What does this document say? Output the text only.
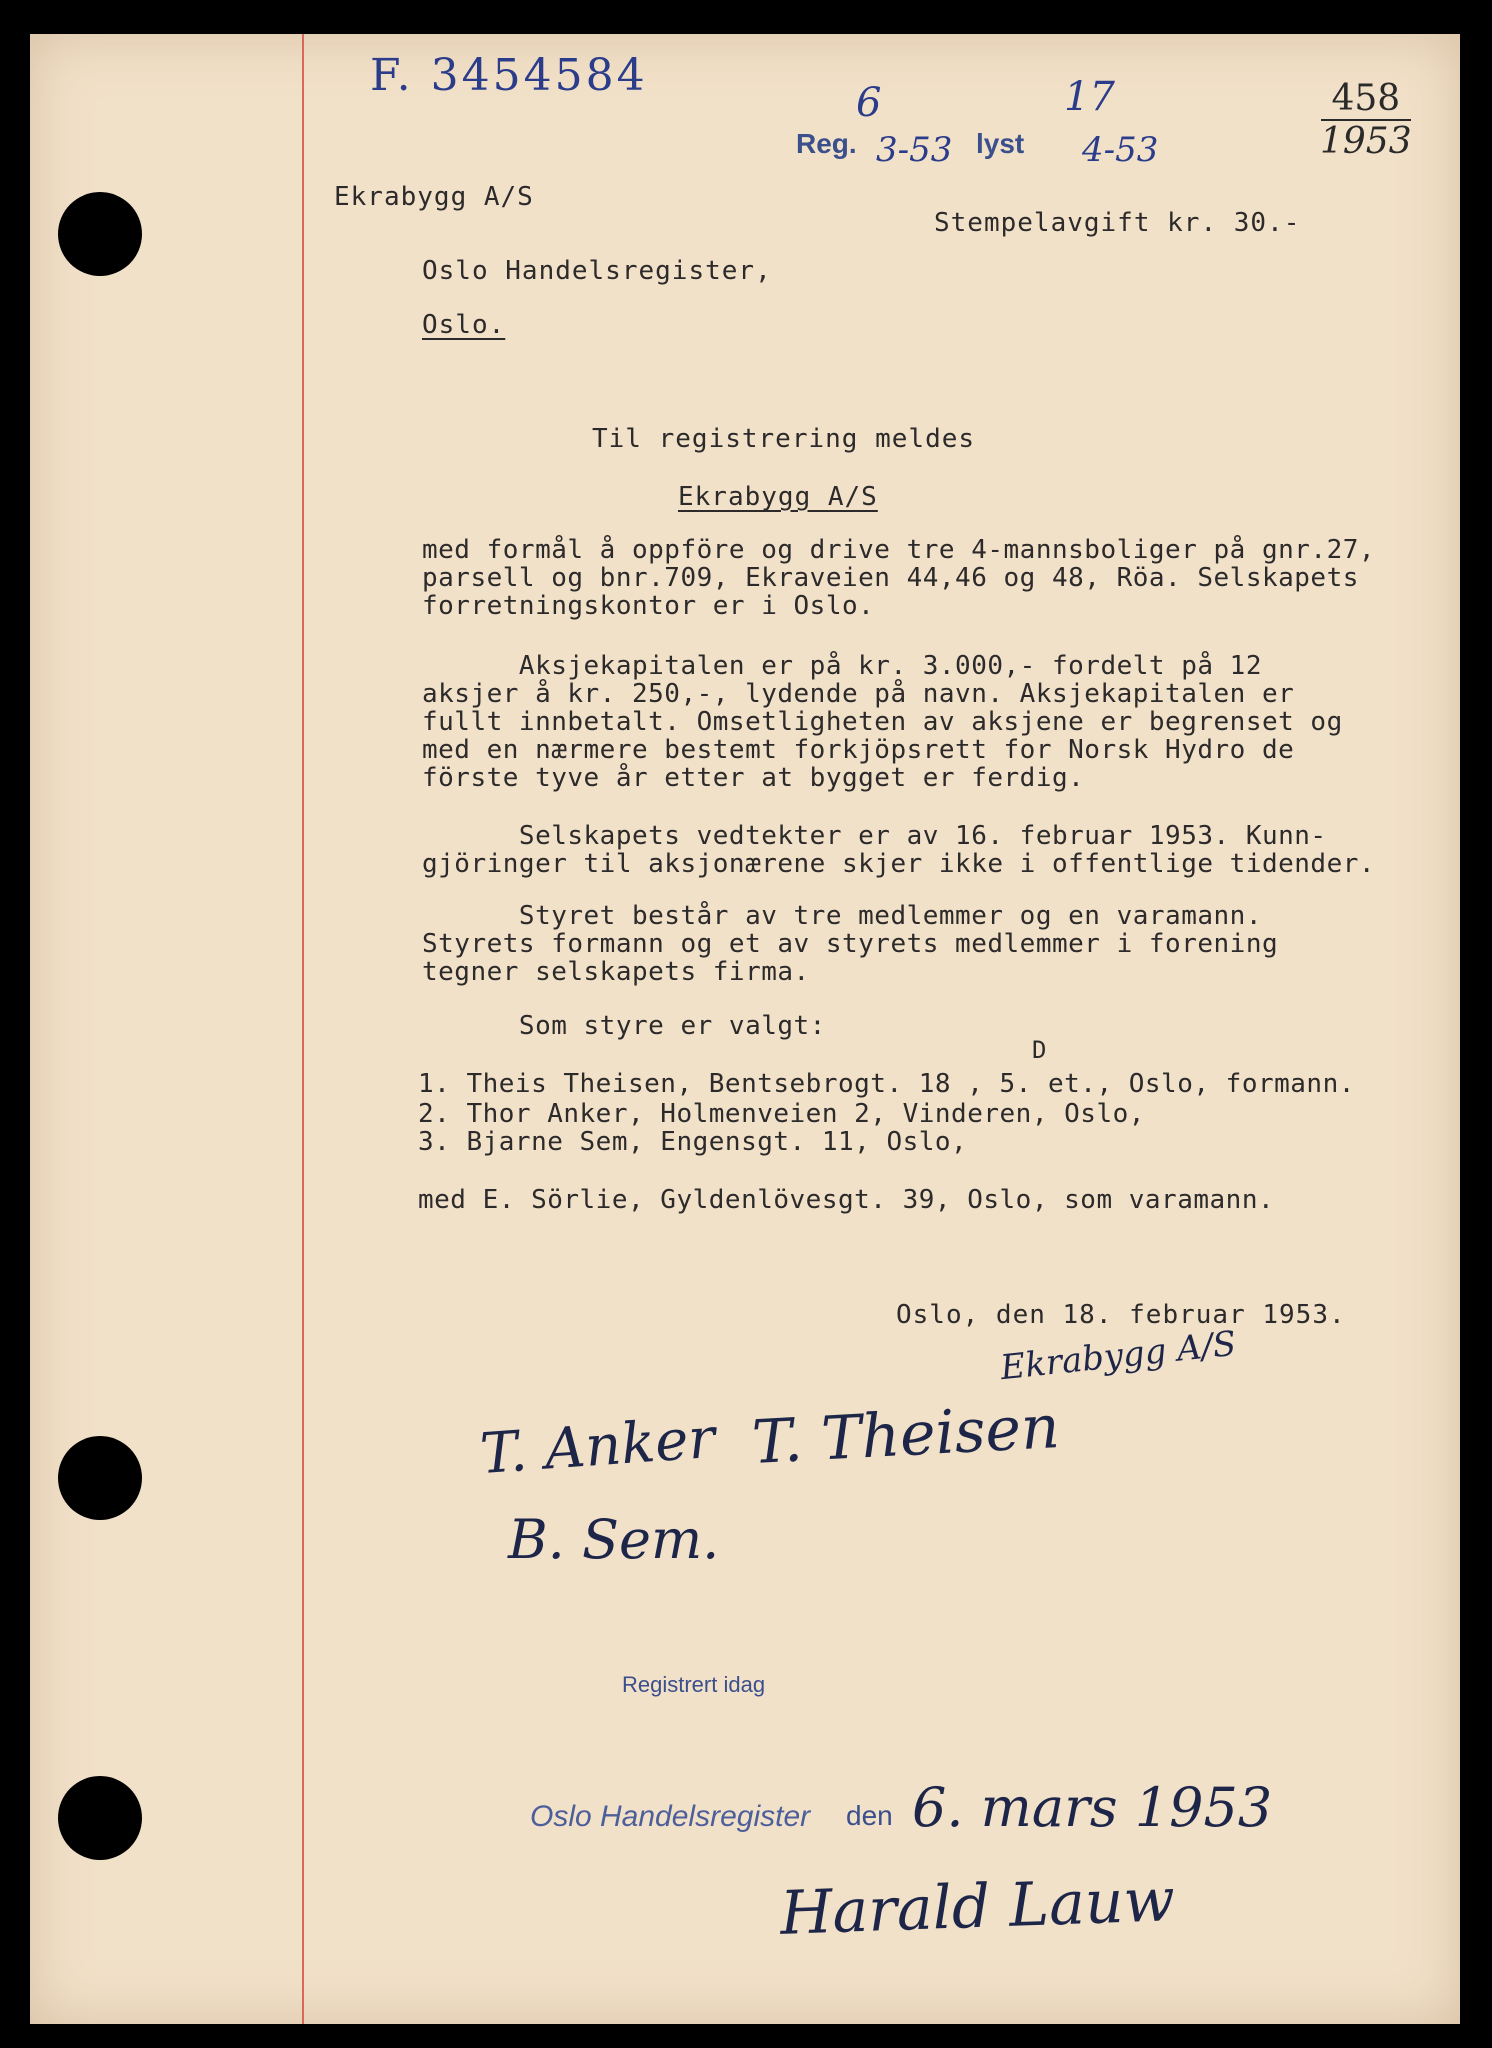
F. 3454584
Reg.
6
3-53 lyst
17
4-53
458
1953
Ekrabygg A/S
Stempelavgift kr. 30.-
Oslo Handelsregister,
Oslo.
Til registrering meldes
Ekrabygg A/S

med formål å oppföre og drive tre 4-mannsboliger på gnr.27,
parsell og bnr.709, Ekraveien 44,46 og 48, Röa. Selskapets
forretningskontor er i Oslo.

Aksjekapitalen er på kr. 3.000,- fordelt på 12
aksjer å kr. 250,-, lydende på navn. Aksjekapitalen er
fullt innbetalt. Omsetligheten av aksjene er begrenset og
med en nærmere bestemt forkjöpsrett for Norsk Hydro de
förste tyve år etter at bygget er ferdig.

Selskapets vedtekter er av 16. februar 1953. Kunn-
gjöringer til aksjonærene skjer ikke i offentlige tidender.

Styret består av tre medlemmer og en varamann.
Styrets formann og et av styrets medlemmer i forening
tegner selskapets firma.

Som styre er valgt:

D

1. Theis Theisen, Bentsebrogt. 18 , 5. et., Oslo, formann.

2. Thor Anker, Holmenveien 2, Vinderen, Oslo,

3. Bjarne Sem, Engensgt. 11, Oslo,

med E. Sörlie, Gyldenlövesgt. 39, Oslo, som varamann.

Oslo, den 18. februar 1953.
Ekrabygg A/S
T. Anker T. Theisen
B. Sem.
Registrert idag
Oslo Handelsregister den 6. mars 1953
Harald Lauw
